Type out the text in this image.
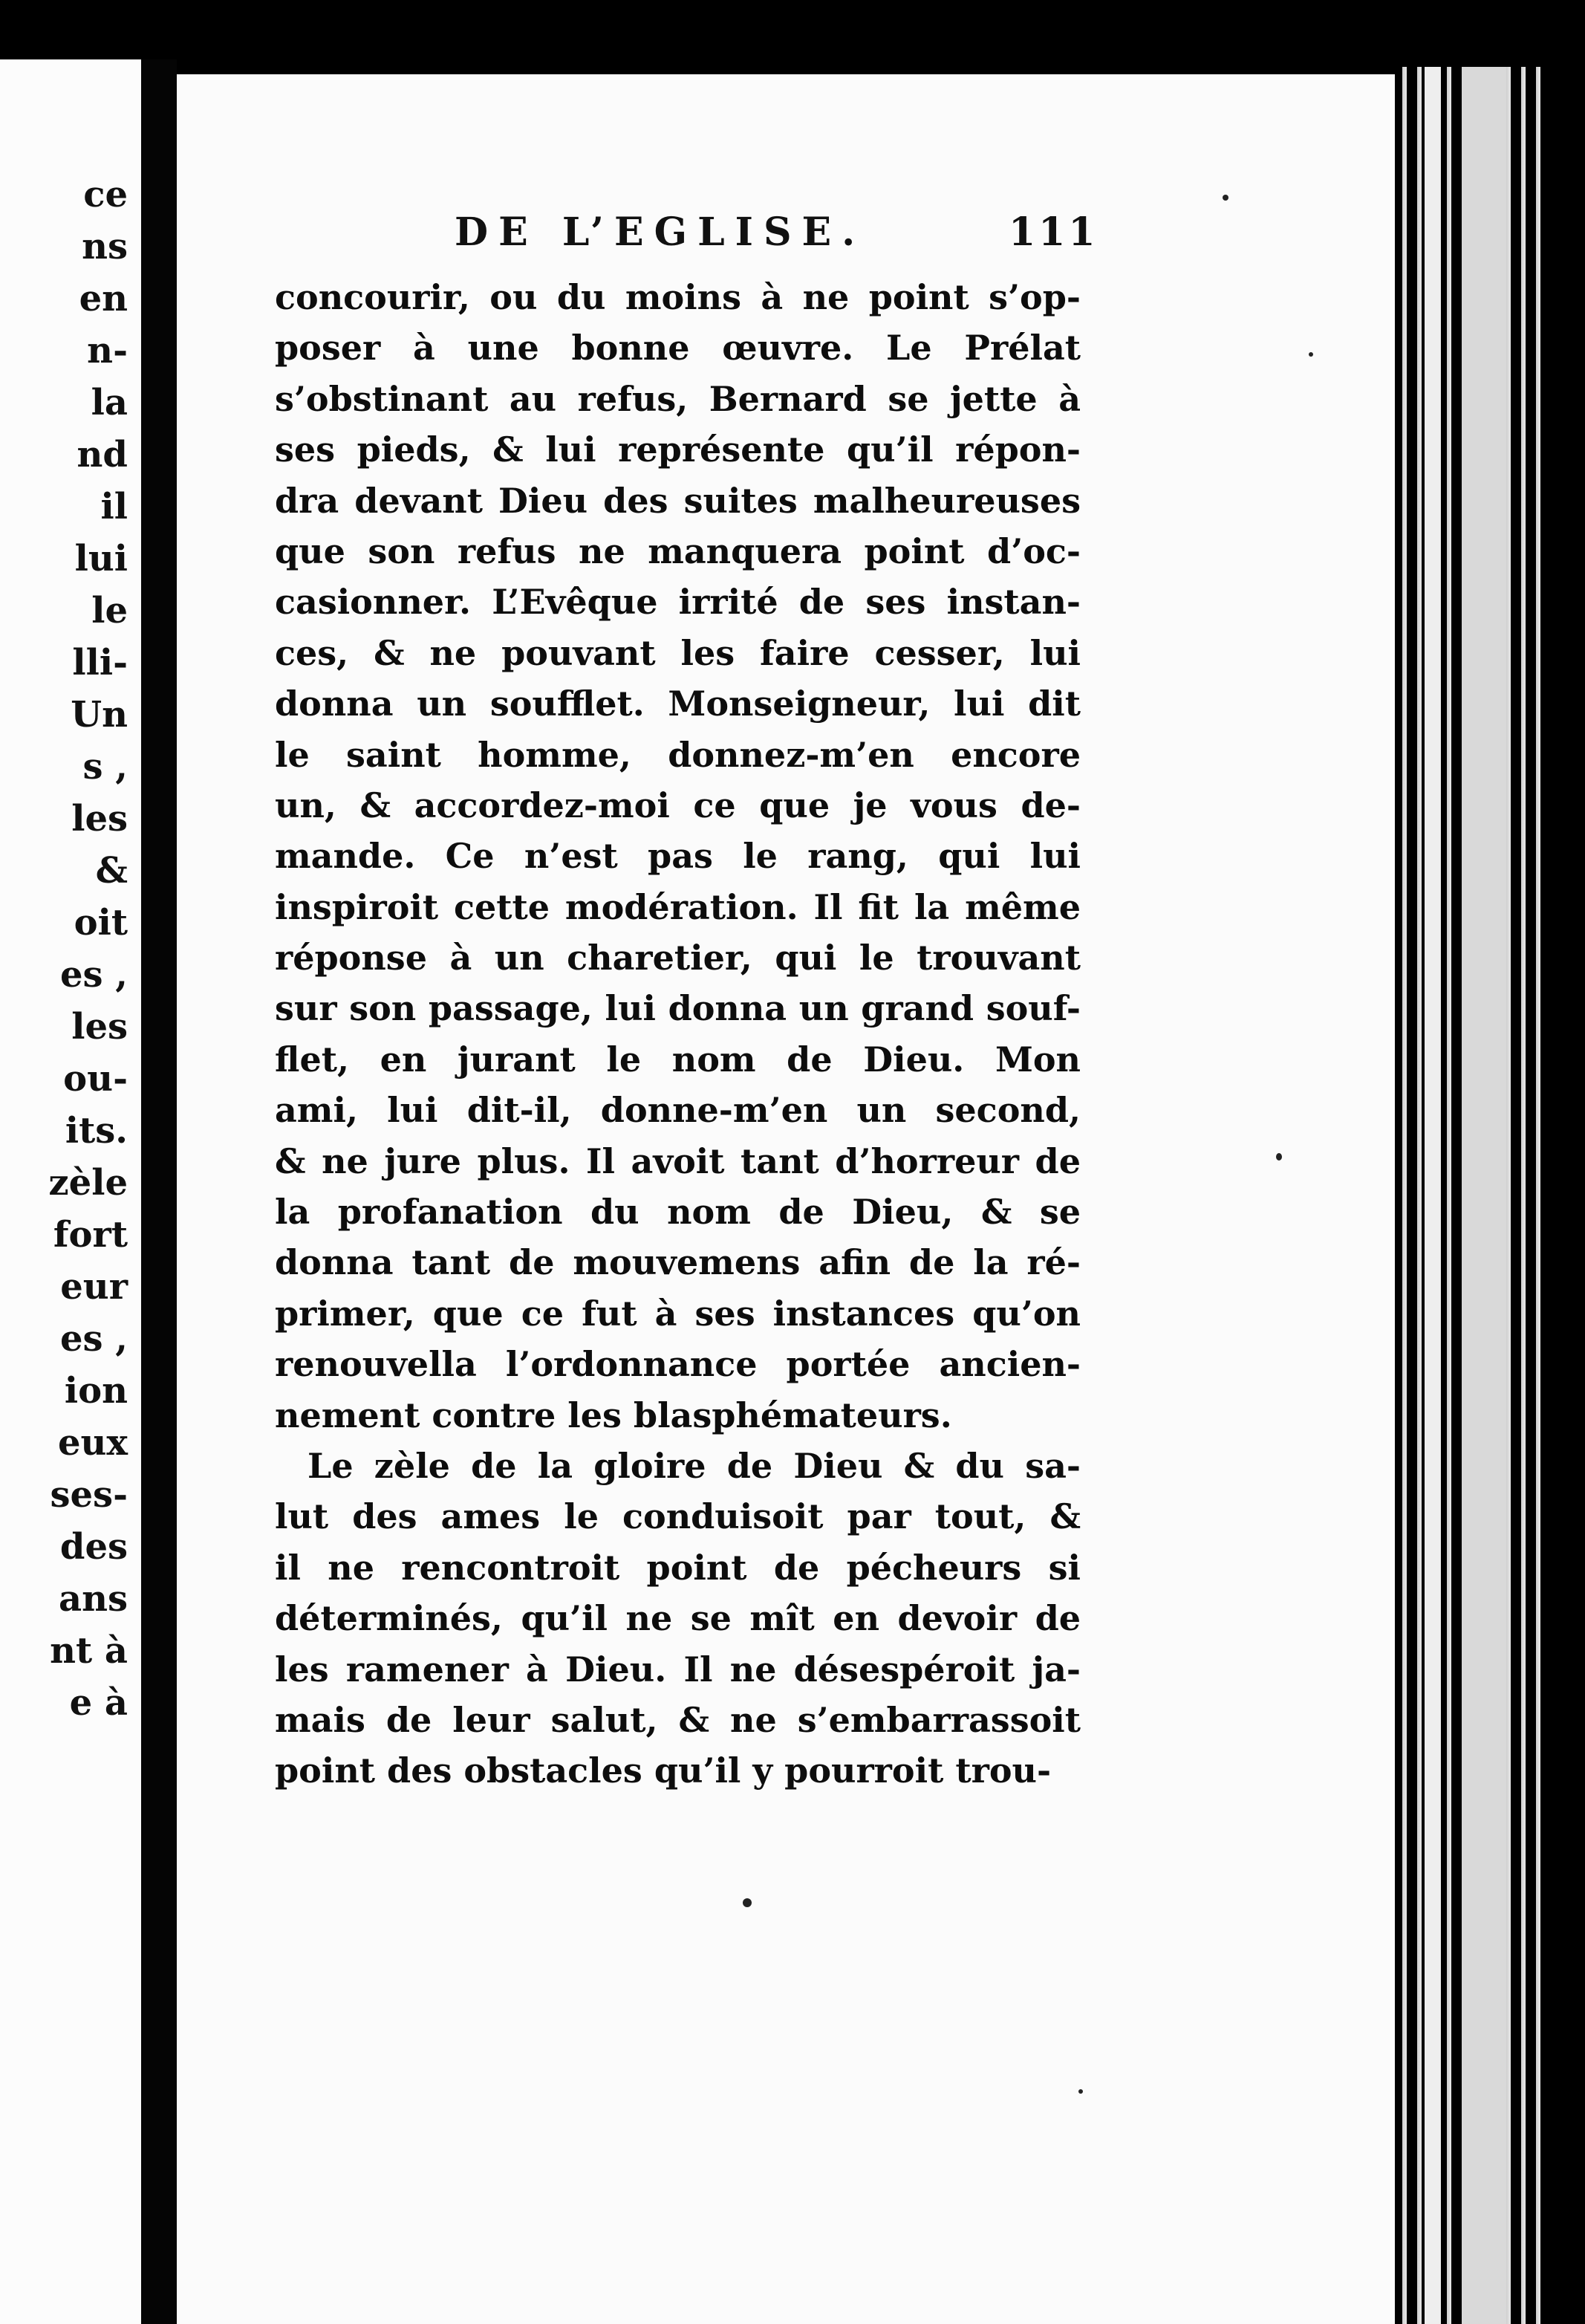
ce
ns
en
n-
la
nd
il
lui
le
lli-
Un
s ,
les
&
oit
es ,
les
ou-
its.
zèle
fort
eur
es ,
ion
eux
ses-
des
ans
nt à
e à
DE L’EGLISE.	111
concourir, ou du moins à ne point s’op-
poser à une bonne œuvre. Le Prélat
s’obstinant au refus, Bernard se jette à
ses pieds, & lui représente qu’il répon-
dra devant Dieu des suites malheureuses
que son refus ne manquera point d’oc-
casionner. L’Evêque irrité de ses instan-
ces, & ne pouvant les faire cesser, lui
donna un soufflet. Monseigneur, lui dit
le saint homme, donnez-m’en encore
un, & accordez-moi ce que je vous de-
mande. Ce n’est pas le rang, qui lui
inspiroit cette modération. Il fit la même
réponse à un charetier, qui le trouvant
sur son passage, lui donna un grand souf-
flet, en jurant le nom de Dieu. Mon
ami, lui dit-il, donne-m’en un second,
& ne jure plus. Il avoit tant d’horreur de
la profanation du nom de Dieu, & se
donna tant de mouvemens afin de la ré-
primer, que ce fut à ses instances qu’on
renouvella l’ordonnance portée ancien-
nement contre les blasphémateurs.
Le zèle de la gloire de Dieu & du sa-
lut des ames le conduisoit par tout, &
il ne rencontroit point de pécheurs si
déterminés, qu’il ne se mît en devoir de
les ramener à Dieu. Il ne désespéroit ja-
mais de leur salut, & ne s’embarrassoit
point des obstacles qu’il y pourroit trou-
